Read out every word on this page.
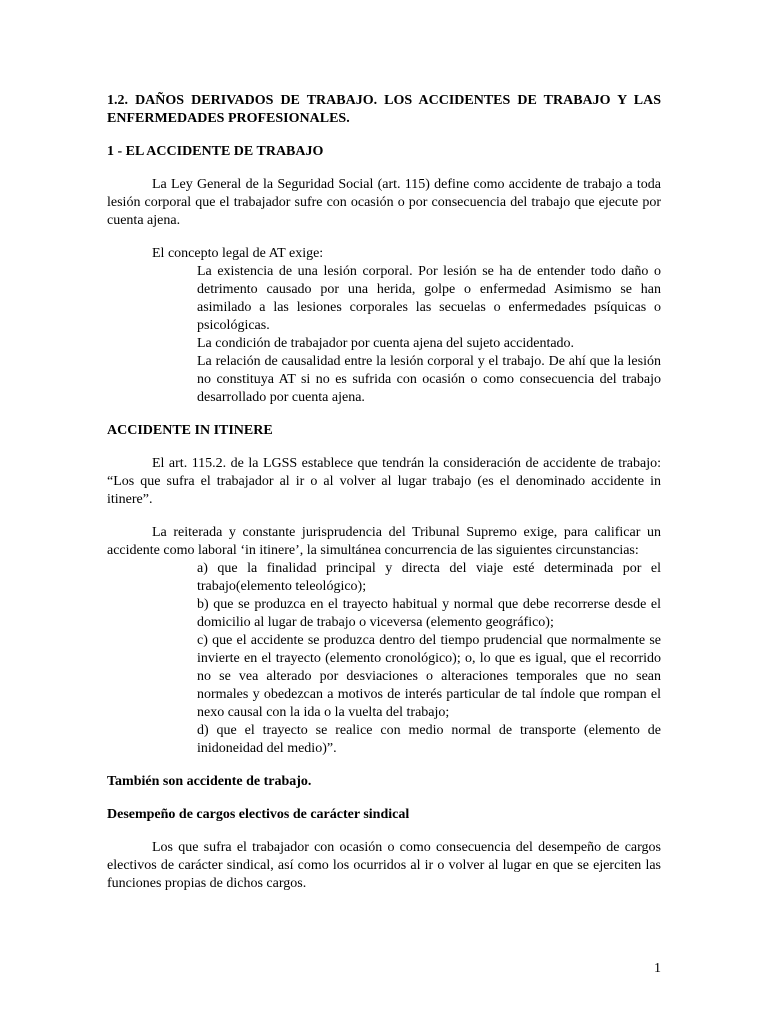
1.2. DAÑOS DERIVADOS DE TRABAJO. LOS ACCIDENTES DE TRABAJO Y LAS ENFERMEDADES PROFESIONALES.
1 - EL ACCIDENTE DE TRABAJO

La Ley General de la Seguridad Social (art. 115) define como accidente de trabajo a toda lesión corporal que el trabajador sufre con ocasión o por consecuencia del trabajo que ejecute por cuenta ajena.

El concepto legal de AT exige:

La existencia de una lesión corporal. Por lesión se ha de entender todo daño o detrimento causado por una herida, golpe o enfermedad Asimismo se han asimilado a las lesiones corporales las secuelas o enfermedades psíquicas o psicológicas.
La condición de trabajador por cuenta ajena del sujeto accidentado.
La relación de causalidad entre la lesión corporal y el trabajo. De ahí que la lesión no constituya AT si no es sufrida con ocasión o como consecuencia del trabajo desarrollado por cuenta ajena.
ACCIDENTE IN ITINERE

El art. 115.2. de la LGSS establece que tendrán la consideración de accidente de trabajo: “Los que sufra el trabajador al ir o al volver al lugar trabajo (es el denominado accidente in itinere”.

La reiterada y constante jurisprudencia del Tribunal Supremo exige, para calificar un accidente como laboral ‘in itinere’, la simultánea concurrencia de las siguientes circunstancias:

a) que la finalidad principal y directa del viaje esté determinada por el trabajo(elemento teleológico);
b) que se produzca en el trayecto habitual y normal que debe recorrerse desde el domicilio al lugar de trabajo o viceversa (elemento geográfico);
c) que el accidente se produzca dentro del tiempo prudencial que normalmente se invierte en el trayecto (elemento cronológico); o, lo que es igual, que el recorrido no se vea alterado por desviaciones o alteraciones temporales que no sean normales y obedezcan a motivos de interés particular de tal índole que rompan el nexo causal con la ida o la vuelta del trabajo;
d) que el trayecto se realice con medio normal de transporte (elemento de inidoneidad del medio)”.
También son accidente de trabajo.
Desempeño de cargos electivos de carácter sindical

Los que sufra el trabajador con ocasión o como consecuencia del desempeño de cargos electivos de carácter sindical, así como los ocurridos al ir o volver al lugar en que se ejerciten las funciones propias de dichos cargos.

1
